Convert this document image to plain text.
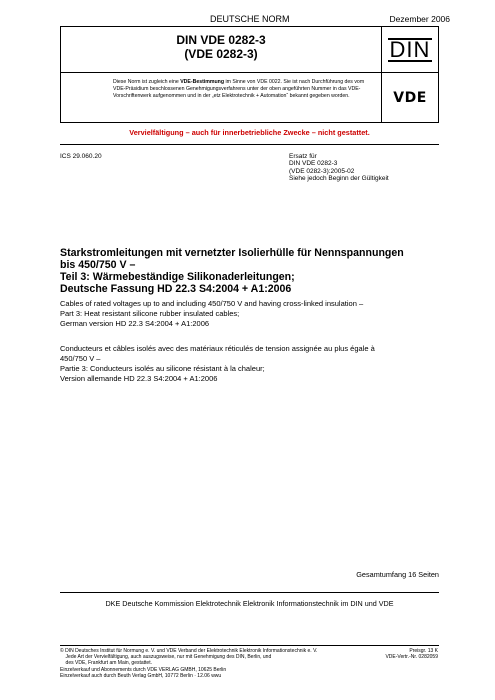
DEUTSCHE NORM	Dezember 2006
DIN VDE 0282-3
(VDE 0282-3)	DIN
Diese Norm ist zugleich eine VDE-Bestimmung im Sinne von VDE 0022. Sie ist nach Durchführung des vom VDE-Präsidium beschlossenen Genehmigungsverfahrens unter der oben angeführten Nummer in das VDE-Vorschriftenwerk aufgenommen und in der „etz Elektrotechnik + Automation“ bekannt gegeben worden.	VDE
Vervielfältigung – auch für innerbetriebliche Zwecke – nicht gestattet.
ICS 29.060.20	Ersatz für
DIN VDE 0282-3
(VDE 0282-3):2005-02
Siehe jedoch Beginn der Gültigkeit
Starkstromleitungen mit vernetzter Isolierhülle für Nennspannungen
bis 450/750 V –
Teil 3: Wärmebeständige Silikonaderleitungen;
Deutsche Fassung HD 22.3 S4:2004 + A1:2006
Cables of rated voltages up to and including 450/750 V and having cross-linked insulation –
Part 3: Heat resistant silicone rubber insulated cables;
German version HD 22.3 S4:2004 + A1:2006
Conducteurs et câbles isolés avec des matériaux réticulés de tension assignée au plus égale à
450/750 V –
Partie 3: Conducteurs isolés au silicone résistant à la chaleur;
Version allemande HD 22.3 S4:2004 + A1:2006
Gesamtumfang 16 Seiten
DKE Deutsche Kommission Elektrotechnik Elektronik Informationstechnik im DIN und VDE
© DIN Deutsches Institut für Normung e. V. und VDE Verband der Elektrotechnik Elektronik Informationstechnik e. V.
Jede Art der Vervielfältigung, auch auszugsweise, nur mit Genehmigung des DIN, Berlin, und
des VDE, Frankfurt am Main, gestattet.
Einzelverkauf und Abonnements durch VDE VERLAG GMBH, 10625 Berlin
Einzelverkauf auch durch Beuth Verlag GmbH, 10772 Berlin · 12.06 wwu
Preisgr. 13 K
VDE-Vertr.-Nr. 0282059
